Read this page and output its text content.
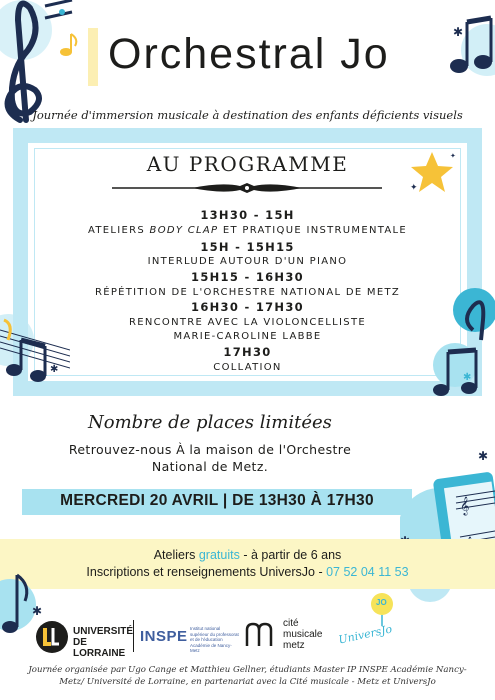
✱
Orchestral Jo
Journée d'immersion musicale à destination des enfants déficients visuels
AU PROGRAMME
✦
✦
13H30 - 15H
ATELIERS BODY CLAP ET PRATIQUE INSTRUMENTALE
15H - 15H15
INTERLUDE AUTOUR D'UN PIANO
15H15 - 16H30
RÉPÉTITION DE L'ORCHESTRE NATIONAL DE METZ
16H30 - 17H30
RENCONTRE AVEC LA VIOLONCELLISTE
MARIE-CAROLINE LABBE
17H30
COLLATION
✱
✱
Nombre de places limitées
Retrouvez-nous À la maison de l'Orchestre
National de Metz.
𝄞
✱
MERCREDI 20 AVRIL | DE 13H30 À 17H30
Ateliers gratuits - à partir de 6 ans
Inscriptions et renseignements UniversJo - 07 52 04 11 53
✱
UNIVERSITÉ
DE LORRAINE
INSPE Institut national
supérieur du professorat
et de l'éducation
Académie de Nancy-Metz
cité
musicale
metz
JO
UniversJo
Journée organisée par Ugo Cange et Matthieu Gellner, étudiants Master IP INSPE Académie Nancy-
Metz/ Université de Lorraine, en partenariat avec la Cité musicale - Metz et UniversJo
